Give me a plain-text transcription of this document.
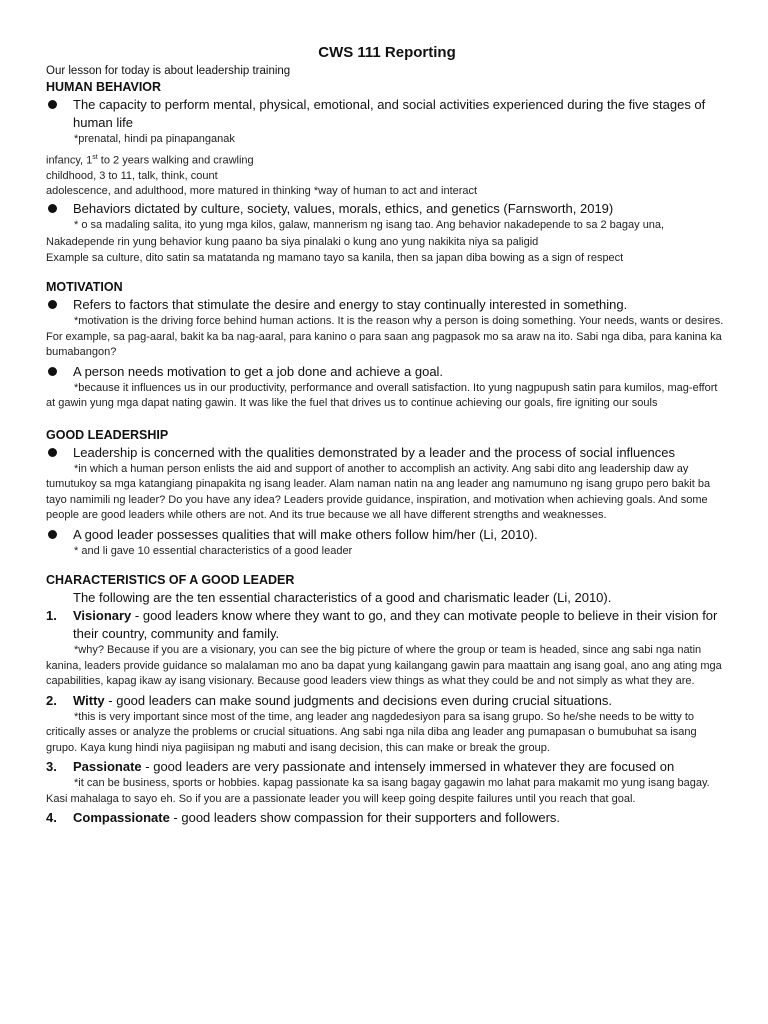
CWS 111 Reporting
Our lesson for today is about leadership training
HUMAN BEHAVIOR
The capacity to perform mental, physical, emotional, and social activities experienced during the five stages of human life
*prenatal, hindi pa pinapanganak
infancy, 1st to 2 years walking and crawling
childhood, 3 to 11, talk, think, count
adolescence, and adulthood, more matured in thinking *way of human to act and interact
Behaviors dictated by culture, society, values, morals, ethics, and genetics (Farnsworth, 2019)
* o sa madaling salita, ito yung mga kilos, galaw, mannerism ng isang tao. Ang behavior nakadepende to sa 2 bagay una,
Nakadepende rin yung behavior kung paano ba siya pinalaki o kung ano yung nakikita niya sa paligid
Example sa culture, dito satin sa matatanda ng mamano tayo sa kanila, then sa japan diba bowing as a sign of respect
MOTIVATION
Refers to factors that stimulate the desire and energy to stay continually interested in something.
*motivation is the driving force behind human actions. It is the reason why a person is doing something. Your needs, wants or desires. For example, sa pag-aaral, bakit ka ba nag-aaral, para kanino o para saan ang pagpasok mo sa araw na ito. Sabi nga diba, para kanina ka bumabangon?
A person needs motivation to get a job done and achieve a goal.
*because it influences us in our productivity, performance and overall satisfaction. Ito yung nagpupush satin para kumilos, mag-effort at gawin yung mga dapat nating gawin. It was like the fuel that drives us to continue achieving our goals, fire igniting our souls
GOOD LEADERSHIP
Leadership is concerned with the qualities demonstrated by a leader and the process of social influences
*in which a human person enlists the aid and support of another to accomplish an activity. Ang sabi dito ang leadership daw ay tumutukoy sa mga katangiang pinapakita ng isang leader. Alam naman natin na ang leader ang namumuno ng isang grupo pero bakit ba tayo namimili ng leader? Do you have any idea? Leaders provide guidance, inspiration, and motivation when achieving goals. And some people are good leaders while others are not. And its true because we all have different strengths and weaknesses.
A good leader possesses qualities that will make others follow him/her (Li, 2010).
* and li gave 10 essential characteristics of a good leader
CHARACTERISTICS OF A GOOD LEADER
The following are the ten essential characteristics of a good and charismatic leader (Li, 2010).
1. Visionary - good leaders know where they want to go, and they can motivate people to believe in their vision for their country, community and family.
*why? Because if you are a visionary, you can see the big picture of where the group or team is headed, since ang sabi nga natin kanina, leaders provide guidance so malalaman mo ano ba dapat yung kailangang gawin para maattain ang isang goal, ano ang ating mga capabilities, kapag ikaw ay isang visionary. Because good leaders view things as what they could be and not simply as what they are.
2. Witty - good leaders can make sound judgments and decisions even during crucial situations.
*this is very important since most of the time, ang leader ang nagdedesiyon para sa isang grupo. So he/she needs to be witty to critically asses or analyze the problems or crucial situations. Ang sabi nga nila diba ang leader ang pumapasan o bumubuhat sa isang grupo. Kaya kung hindi niya pagiisipan ng mabuti and isang decision, this can make or break the group.
3. Passionate - good leaders are very passionate and intensely immersed in whatever they are focused on
*it can be business, sports or hobbies. kapag passionate ka sa isang bagay gagawin mo lahat para makamit mo yung isang bagay. Kasi mahalaga to sayo eh. So if you are a passionate leader you will keep going despite failures until you reach that goal.
4. Compassionate - good leaders show compassion for their supporters and followers.
